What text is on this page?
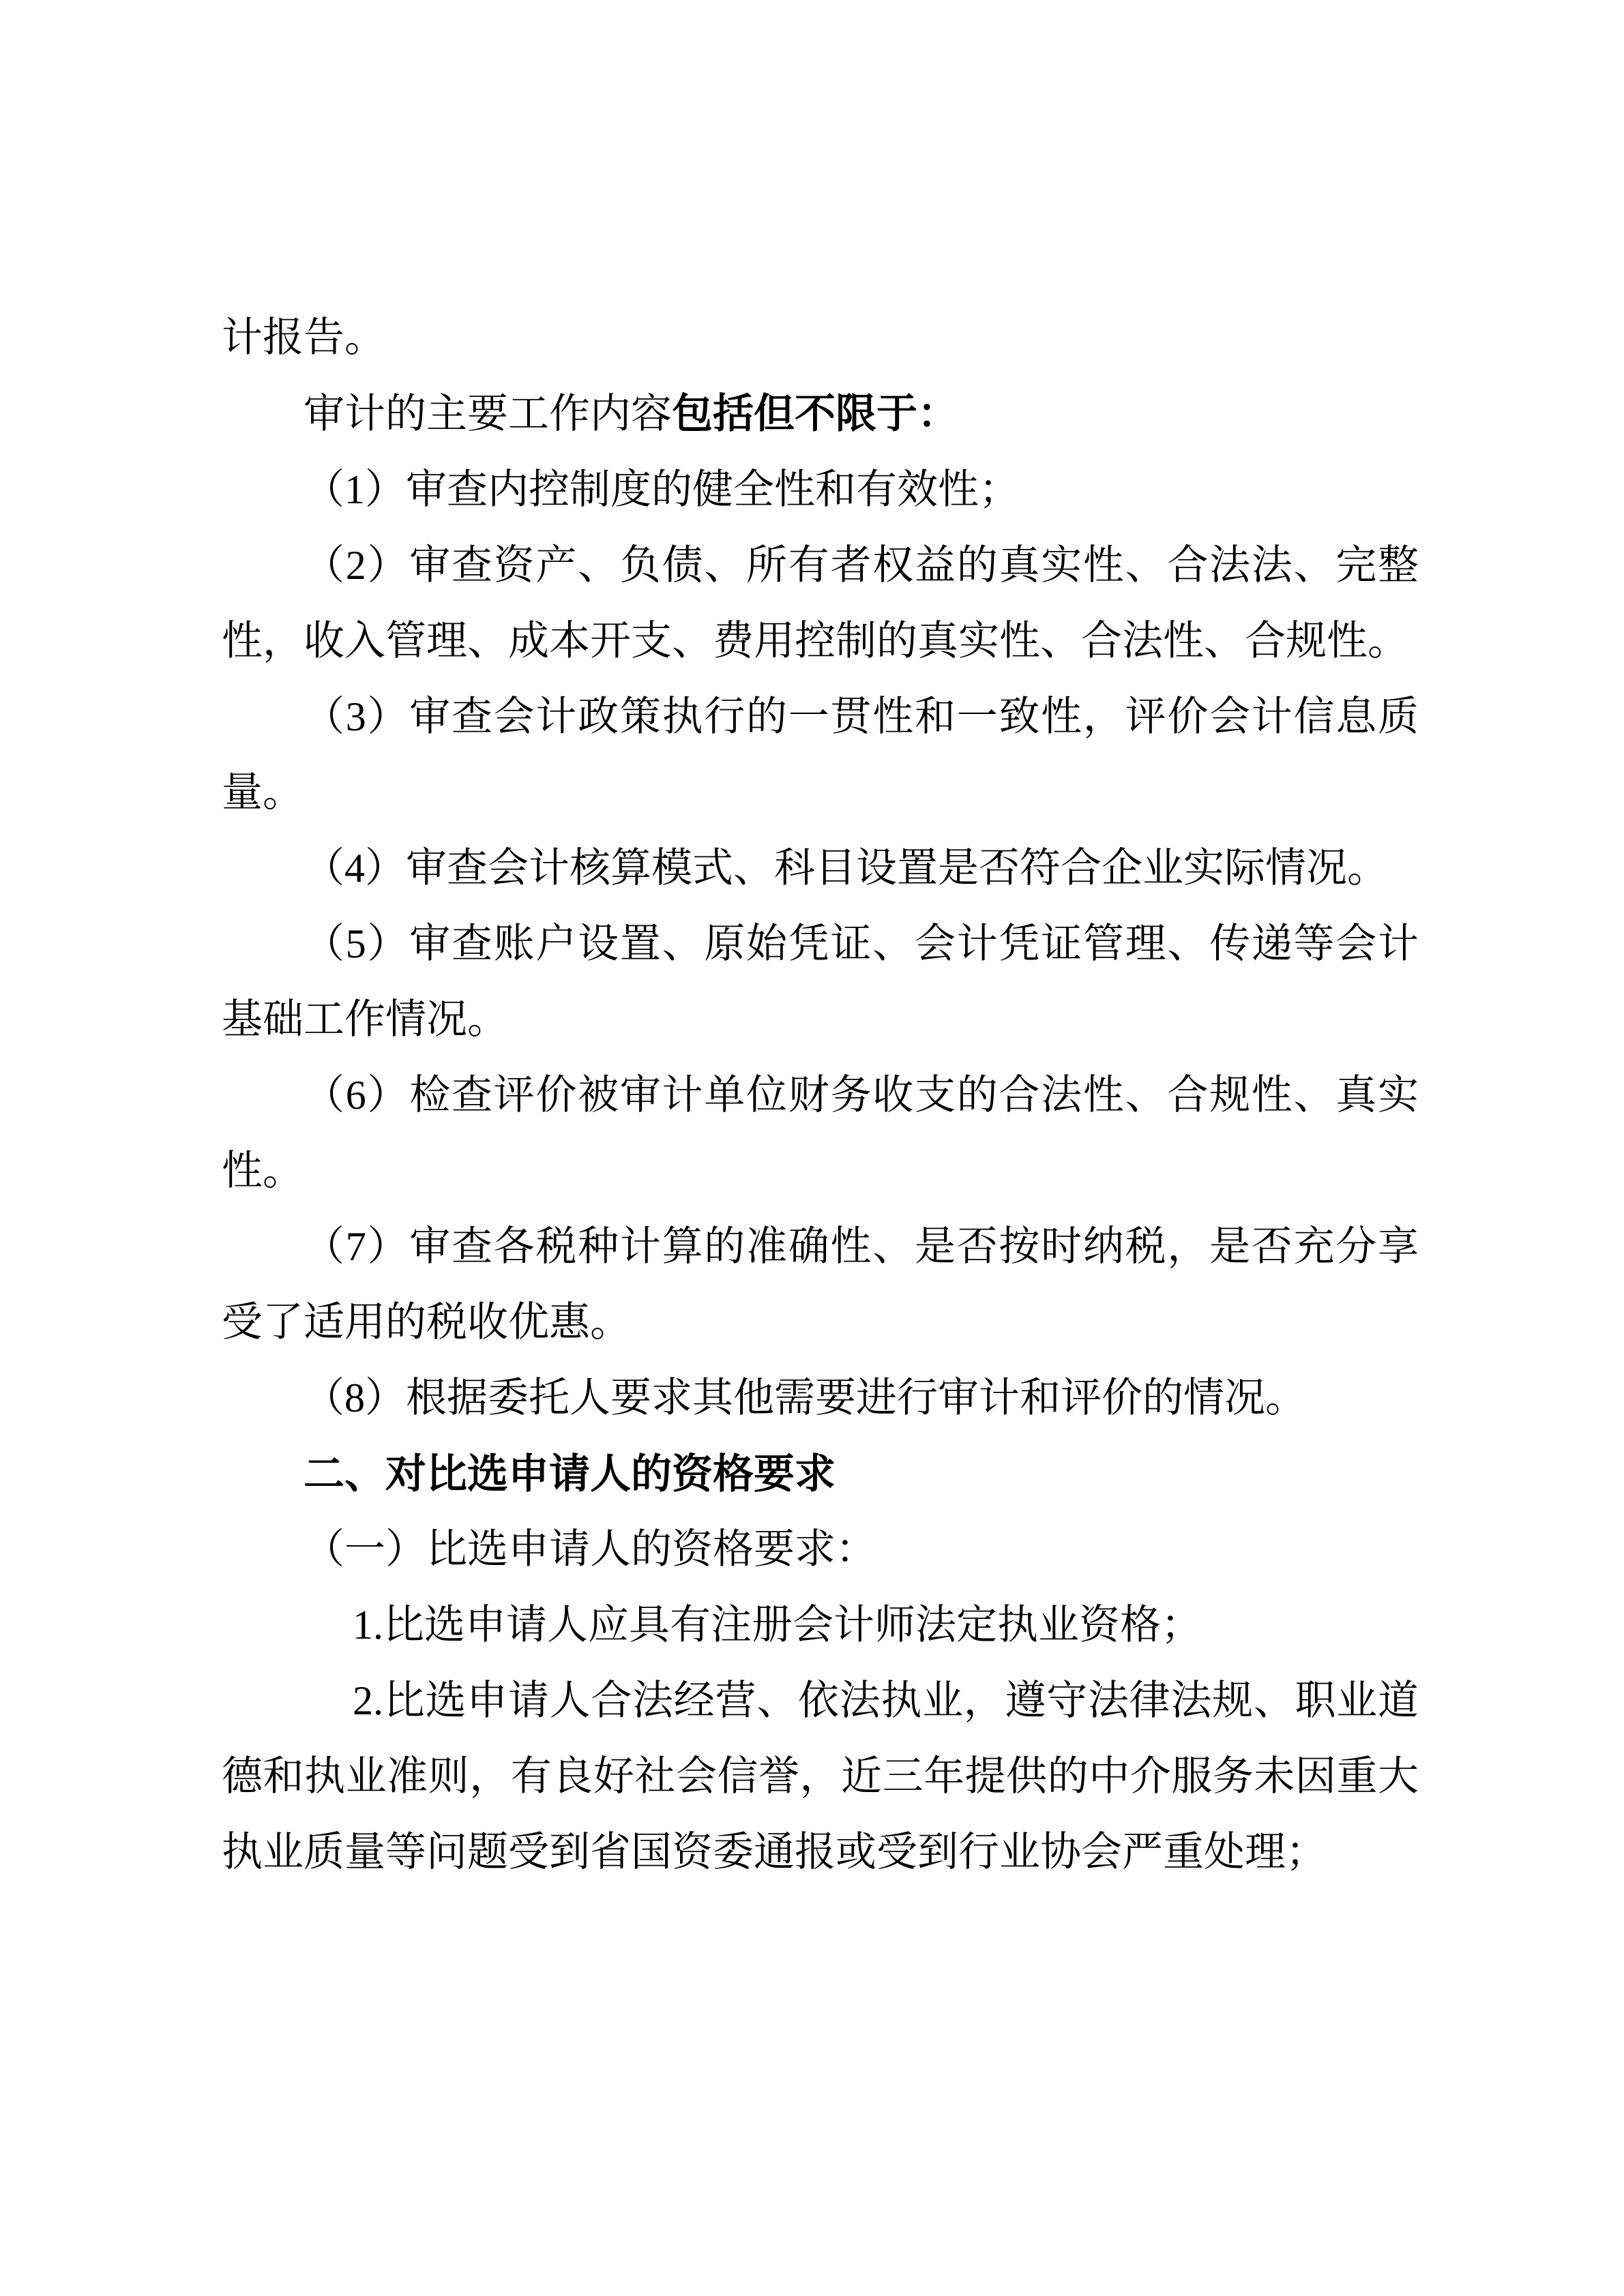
计报告。

审计的主要工作内容包括但不限于：

（1）审查内控制度的健全性和有效性；

（2）审查资产、负债、所有者权益的真实性、合法法、完整性，收入管理、成本开支、费用控制的真实性、合法性、合规性。

（3）审查会计政策执行的一贯性和一致性，评价会计信息质量。

（4）审查会计核算模式、科目设置是否符合企业实际情况。

（5）审查账户设置、原始凭证、会计凭证管理、传递等会计基础工作情况。

（6）检查评价被审计单位财务收支的合法性、合规性、真实性。

（7）审查各税种计算的准确性、是否按时纳税，是否充分享受了适用的税收优惠。

（8）根据委托人要求其他需要进行审计和评价的情况。

二、对比选申请人的资格要求

（一）比选申请人的资格要求：

1.比选申请人应具有注册会计师法定执业资格；

2.比选申请人合法经营、依法执业，遵守法律法规、职业道德和执业准则，有良好社会信誉，近三年提供的中介服务未因重大执业质量等问题受到省国资委通报或受到行业协会严重处理；
